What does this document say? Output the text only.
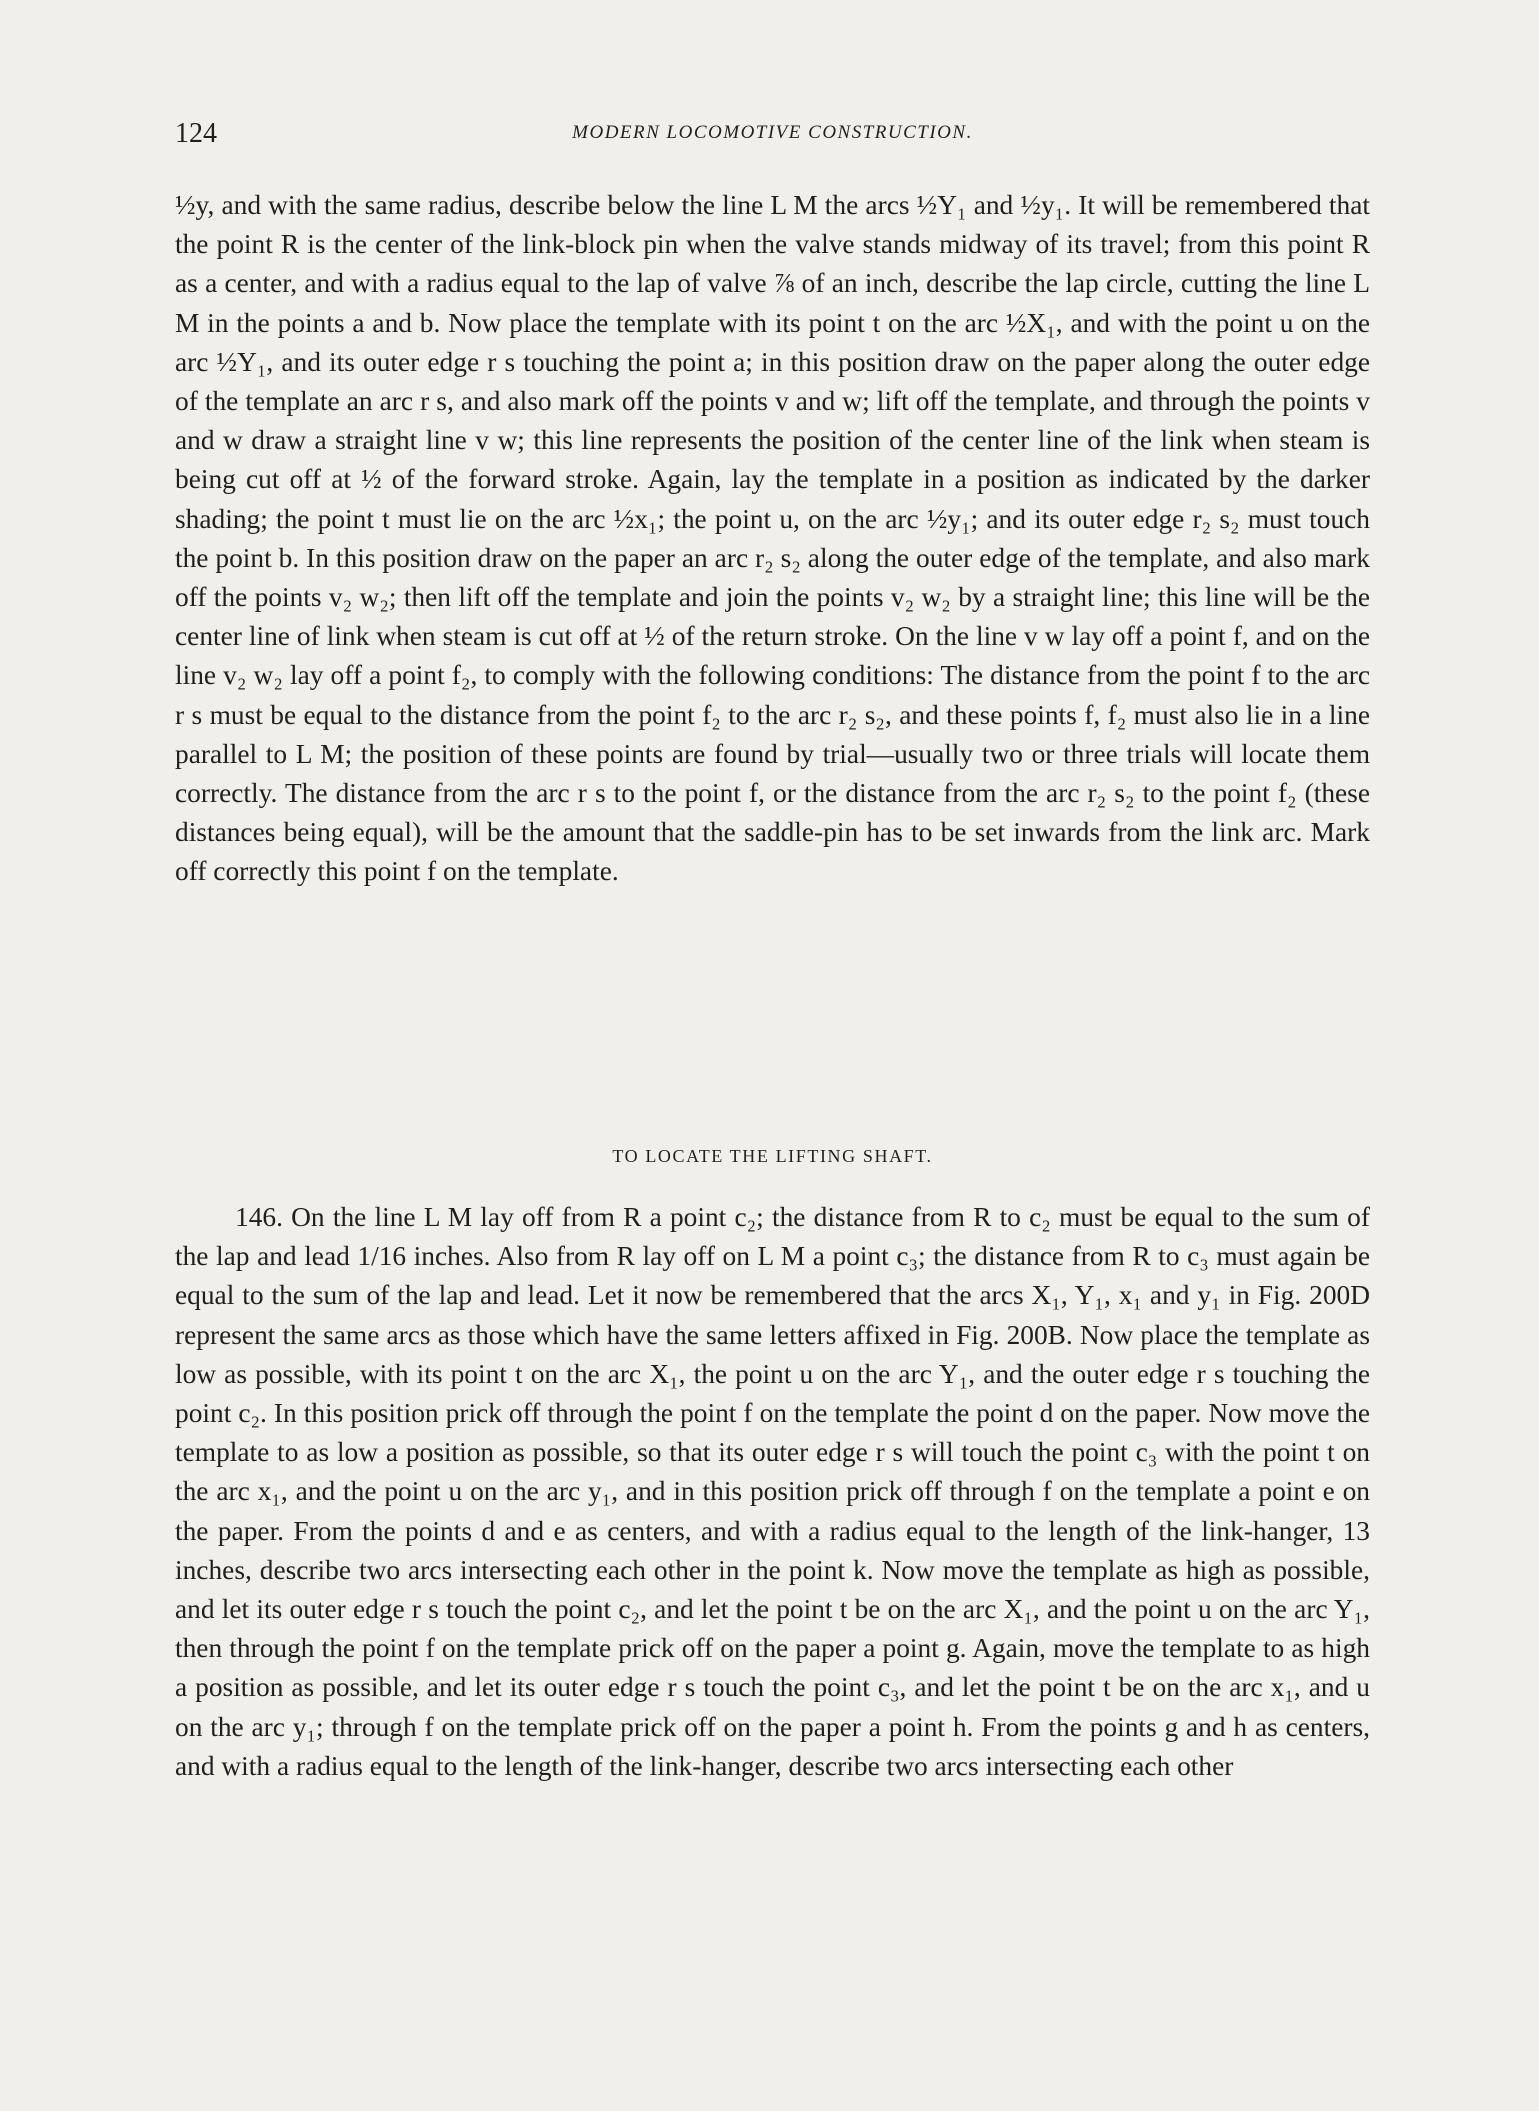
124	MODERN LOCOMOTIVE CONSTRUCTION.

½y, and with the same radius, describe below the line L M the arcs ½Y₁ and ½y₁. It will be remembered that the point R is the center of the link-block pin when the valve stands midway of its travel; from this point R as a center, and with a radius equal to the lap of valve ⅞ of an inch, describe the lap circle, cutting the line L M in the points a and b. Now place the template with its point t on the arc ½X₁, and with the point u on the arc ½Y₁, and its outer edge r s touching the point a; in this position draw on the paper along the outer edge of the template an arc r s, and also mark off the points v and w; lift off the template, and through the points v and w draw a straight line v w; this line represents the position of the center line of the link when steam is being cut off at ½ of the forward stroke. Again, lay the template in a position as indicated by the darker shading; the point t must lie on the arc ½x₁; the point u, on the arc ½y₁; and its outer edge r₂ s₂ must touch the point b. In this position draw on the paper an arc r₂ s₂ along the outer edge of the template, and also mark off the points v₂ w₂; then lift off the template and join the points v₂ w₂ by a straight line; this line will be the center line of link when steam is cut off at ½ of the return stroke. On the line v w lay off a point f, and on the line v₂ w₂ lay off a point f₂, to comply with the following conditions: The distance from the point f to the arc r s must be equal to the distance from the point f₂ to the arc r₂ s₂, and these points f, f₂ must also lie in a line parallel to L M; the position of these points are found by trial—usually two or three trials will locate them correctly. The distance from the arc r s to the point f, or the distance from the arc r₂ s₂ to the point f₂ (these distances being equal), will be the amount that the saddle-pin has to be set inwards from the link arc. Mark off correctly this point f on the template.

TO LOCATE THE LIFTING SHAFT.

146. On the line L M lay off from R a point c₂; the distance from R to c₂ must be equal to the sum of the lap and lead 1/16 inches. Also from R lay off on L M a point c₃; the distance from R to c₃ must again be equal to the sum of the lap and lead. Let it now be remembered that the arcs X₁, Y₁, x₁ and y₁ in Fig. 200D represent the same arcs as those which have the same letters affixed in Fig. 200B. Now place the template as low as possible, with its point t on the arc X₁, the point u on the arc Y₁, and the outer edge r s touching the point c₂. In this position prick off through the point f on the template the point d on the paper. Now move the template to as low a position as possible, so that its outer edge r s will touch the point c₃ with the point t on the arc x₁, and the point u on the arc y₁, and in this position prick off through f on the template a point e on the paper. From the points d and e as centers, and with a radius equal to the length of the link-hanger, 13 inches, describe two arcs intersecting each other in the point k. Now move the template as high as possible, and let its outer edge r s touch the point c₂, and let the point t be on the arc X₁, and the point u on the arc Y₁, then through the point f on the template prick off on the paper a point g. Again, move the template to as high a position as possible, and let its outer edge r s touch the point c₃, and let the point t be on the arc x₁, and u on the arc y₁; through f on the template prick off on the paper a point h. From the points g and h as centers, and with a radius equal to the length of the link-hanger, describe two arcs intersecting each other
